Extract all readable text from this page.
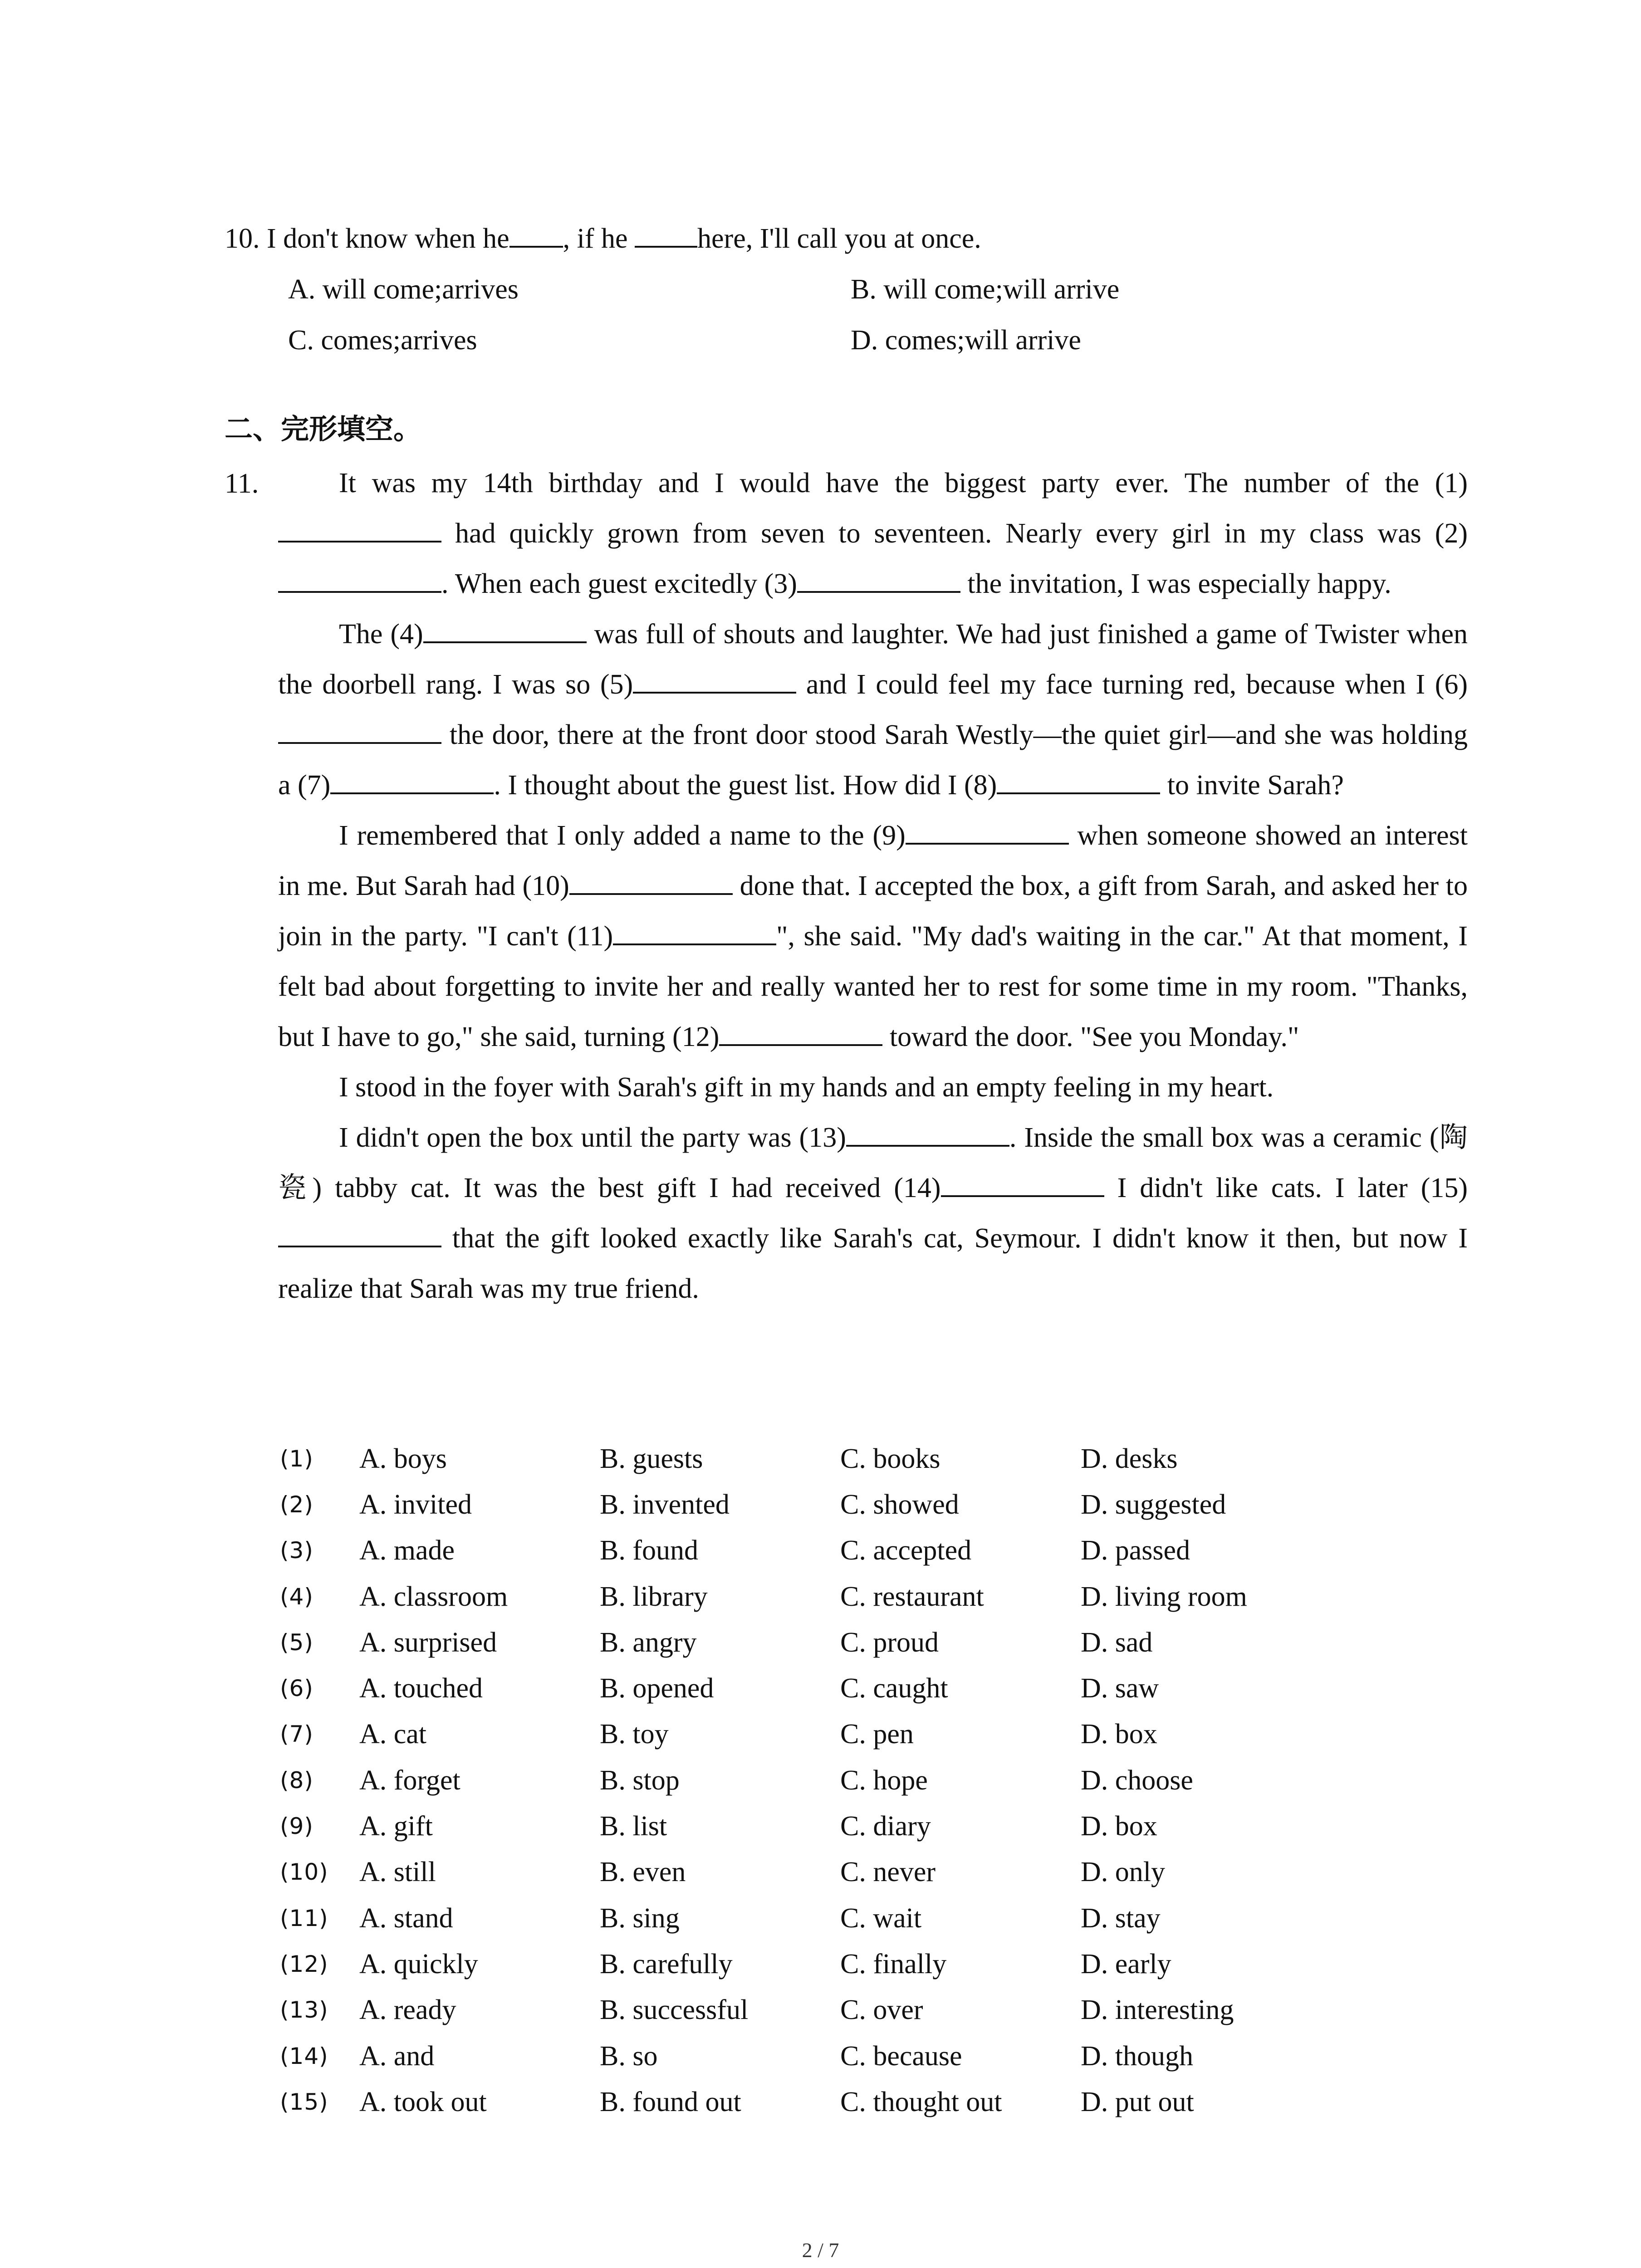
10. I don't know when he , if he here, I'll call you at once.
A. will come;arrives	B. will come;will arrive
C. comes;arrives	D. comes;will arrive
二、完形填空。
11.	It was my 14th birthday and I would have the biggest party ever. The number of the (1) had quickly grown from seven to seventeen. Nearly every girl in my class was (2). When each guest excitedly (3)	the invitation, I was especially happy.

The (4)	was full of shouts and laughter. We had just finished a game of Twister when the doorbell rang. I was so (5)	and I could feel my face turning red, because when I (6) the door, there at the front door stood Sarah Westly—the quiet girl—and she was holding a (7)	. I thought about the guest list. How did I (8)	to invite Sarah?

I remembered that I only added a name to the (9)	when someone showed an interest in me. But Sarah had (10)	done that. I accepted the box, a gift from Sarah, and asked her to join in the party. "I can't (11)	", she said. "My dad's waiting in the car." At that moment, I felt bad about forgetting to invite her and really wanted her to rest for some time in my room. "Thanks, but I have to go," she said, turning (12)	toward the door. "See you Monday."

I stood in the foyer with Sarah's gift in my hands and an empty feeling in my heart.

I didn't open the box until the party was (13)	. Inside the small box was a ceramic (陶瓷) tabby cat. It was the best gift I had received (14)	I didn't like cats. I later (15) that the gift looked exactly like Sarah's cat, Seymour. I didn't know it then, but now I realize that Sarah was my true friend.

(1)	A. boys	B. guests	C. books	D. desks
(2)	A. invited	B. invented	C. showed	D. suggested
(3)	A. made	B. found	C. accepted	D. passed
(4)	A. classroom	B. library	C. restaurant	D. living room
(5)	A. surprised	B. angry	C. proud	D. sad
(6)	A. touched	B. opened	C. caught	D. saw
(7)	A. cat	B. toy	C. pen	D. box
(8)	A. forget	B. stop	C. hope	D. choose
(9)	A. gift	B. list	C. diary	D. box
(10)	A. still	B. even	C. never	D. only
(11)	A. stand	B. sing	C. wait	D. stay
(12)	A. quickly	B. carefully	C. finally	D. early
(13)	A. ready	B. successful	C. over	D. interesting
(14)	A. and	B. so	C. because	D. though
(15)	A. took out	B. found out	C. thought out	D. put out
2 / 7
